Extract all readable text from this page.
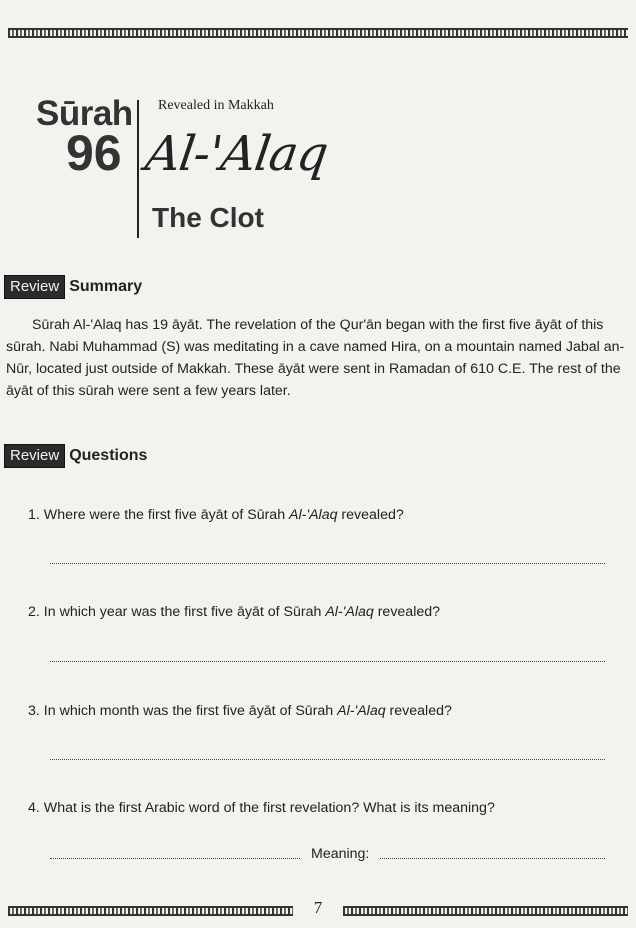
Sūrah
96
Revealed in Makkah
Al-'Alaq
The Clot
Review Summary

Sūrah Al-'Alaq has 19 āyāt. The revelation of the Qur'ān began with the first five āyāt of this sūrah. Nabi Muhammad (S) was meditating in a cave named Hira, on a mountain named Jabal an-Nūr, located just outside of Makkah. These āyāt were sent in Ramadan of 610 C.E. The rest of the āyāt of this sūrah were sent a few years later.

Review Questions
1. Where were the first five āyāt of Sūrah Al-'Alaq revealed?
2. In which year was the first five āyāt of Sūrah Al-'Alaq revealed?
3. In which month was the first five āyāt of Sūrah Al-'Alaq revealed?
4. What is the first Arabic word of the first revelation? What is its meaning?
Meaning:
7
